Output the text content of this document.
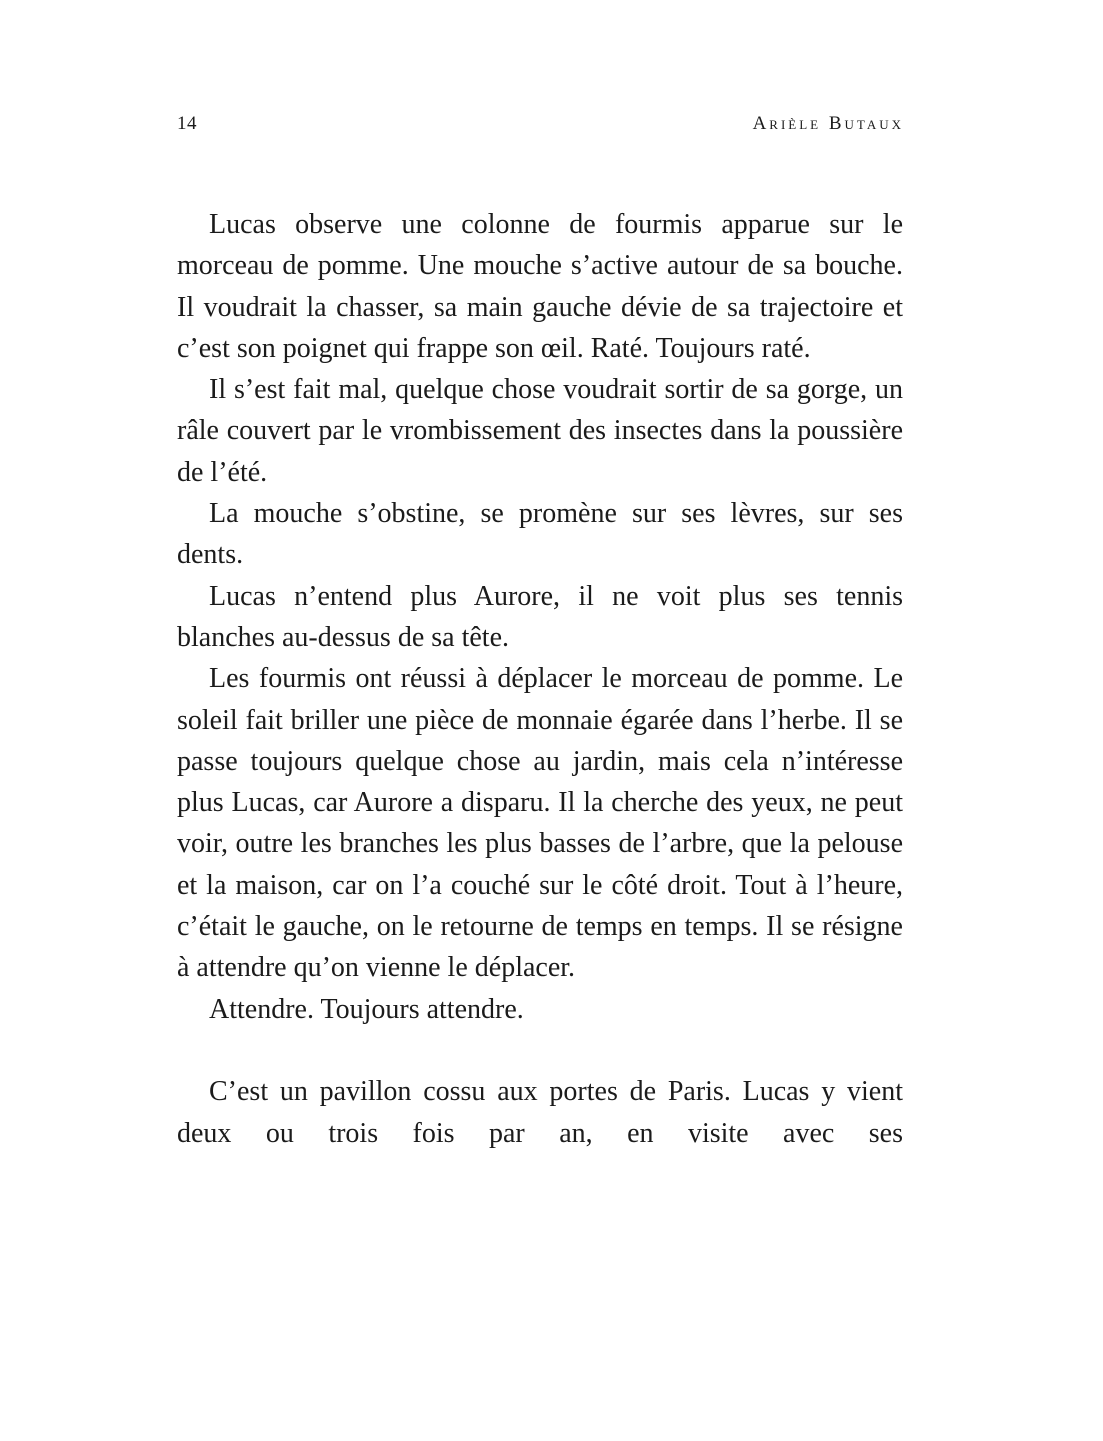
14	Arièle Butaux

Lucas observe une colonne de fourmis apparue sur le morceau de pomme. Une mouche s’active autour de sa bouche. Il voudrait la chasser, sa main gauche dévie de sa trajectoire et c’est son poignet qui frappe son œil. Raté. Toujours raté.

Il s’est fait mal, quelque chose voudrait sortir de sa gorge, un râle couvert par le vrombissement des insectes dans la poussière de l’été.

La mouche s’obstine, se promène sur ses lèvres, sur ses dents.

Lucas n’entend plus Aurore, il ne voit plus ses tennis blanches au-dessus de sa tête.

Les fourmis ont réussi à déplacer le morceau de pomme. Le soleil fait briller une pièce de monnaie égarée dans l’herbe. Il se passe toujours quelque chose au jardin, mais cela n’intéresse plus Lucas, car Aurore a disparu. Il la cherche des yeux, ne peut voir, outre les branches les plus basses de l’arbre, que la pelouse et la maison, car on l’a couché sur le côté droit. Tout à l’heure, c’était le gauche, on le retourne de temps en temps. Il se résigne à attendre qu’on vienne le déplacer.

Attendre. Toujours attendre.

C’est un pavillon cossu aux portes de Paris. Lucas y vient deux ou trois fois par an, en visite avec ses
